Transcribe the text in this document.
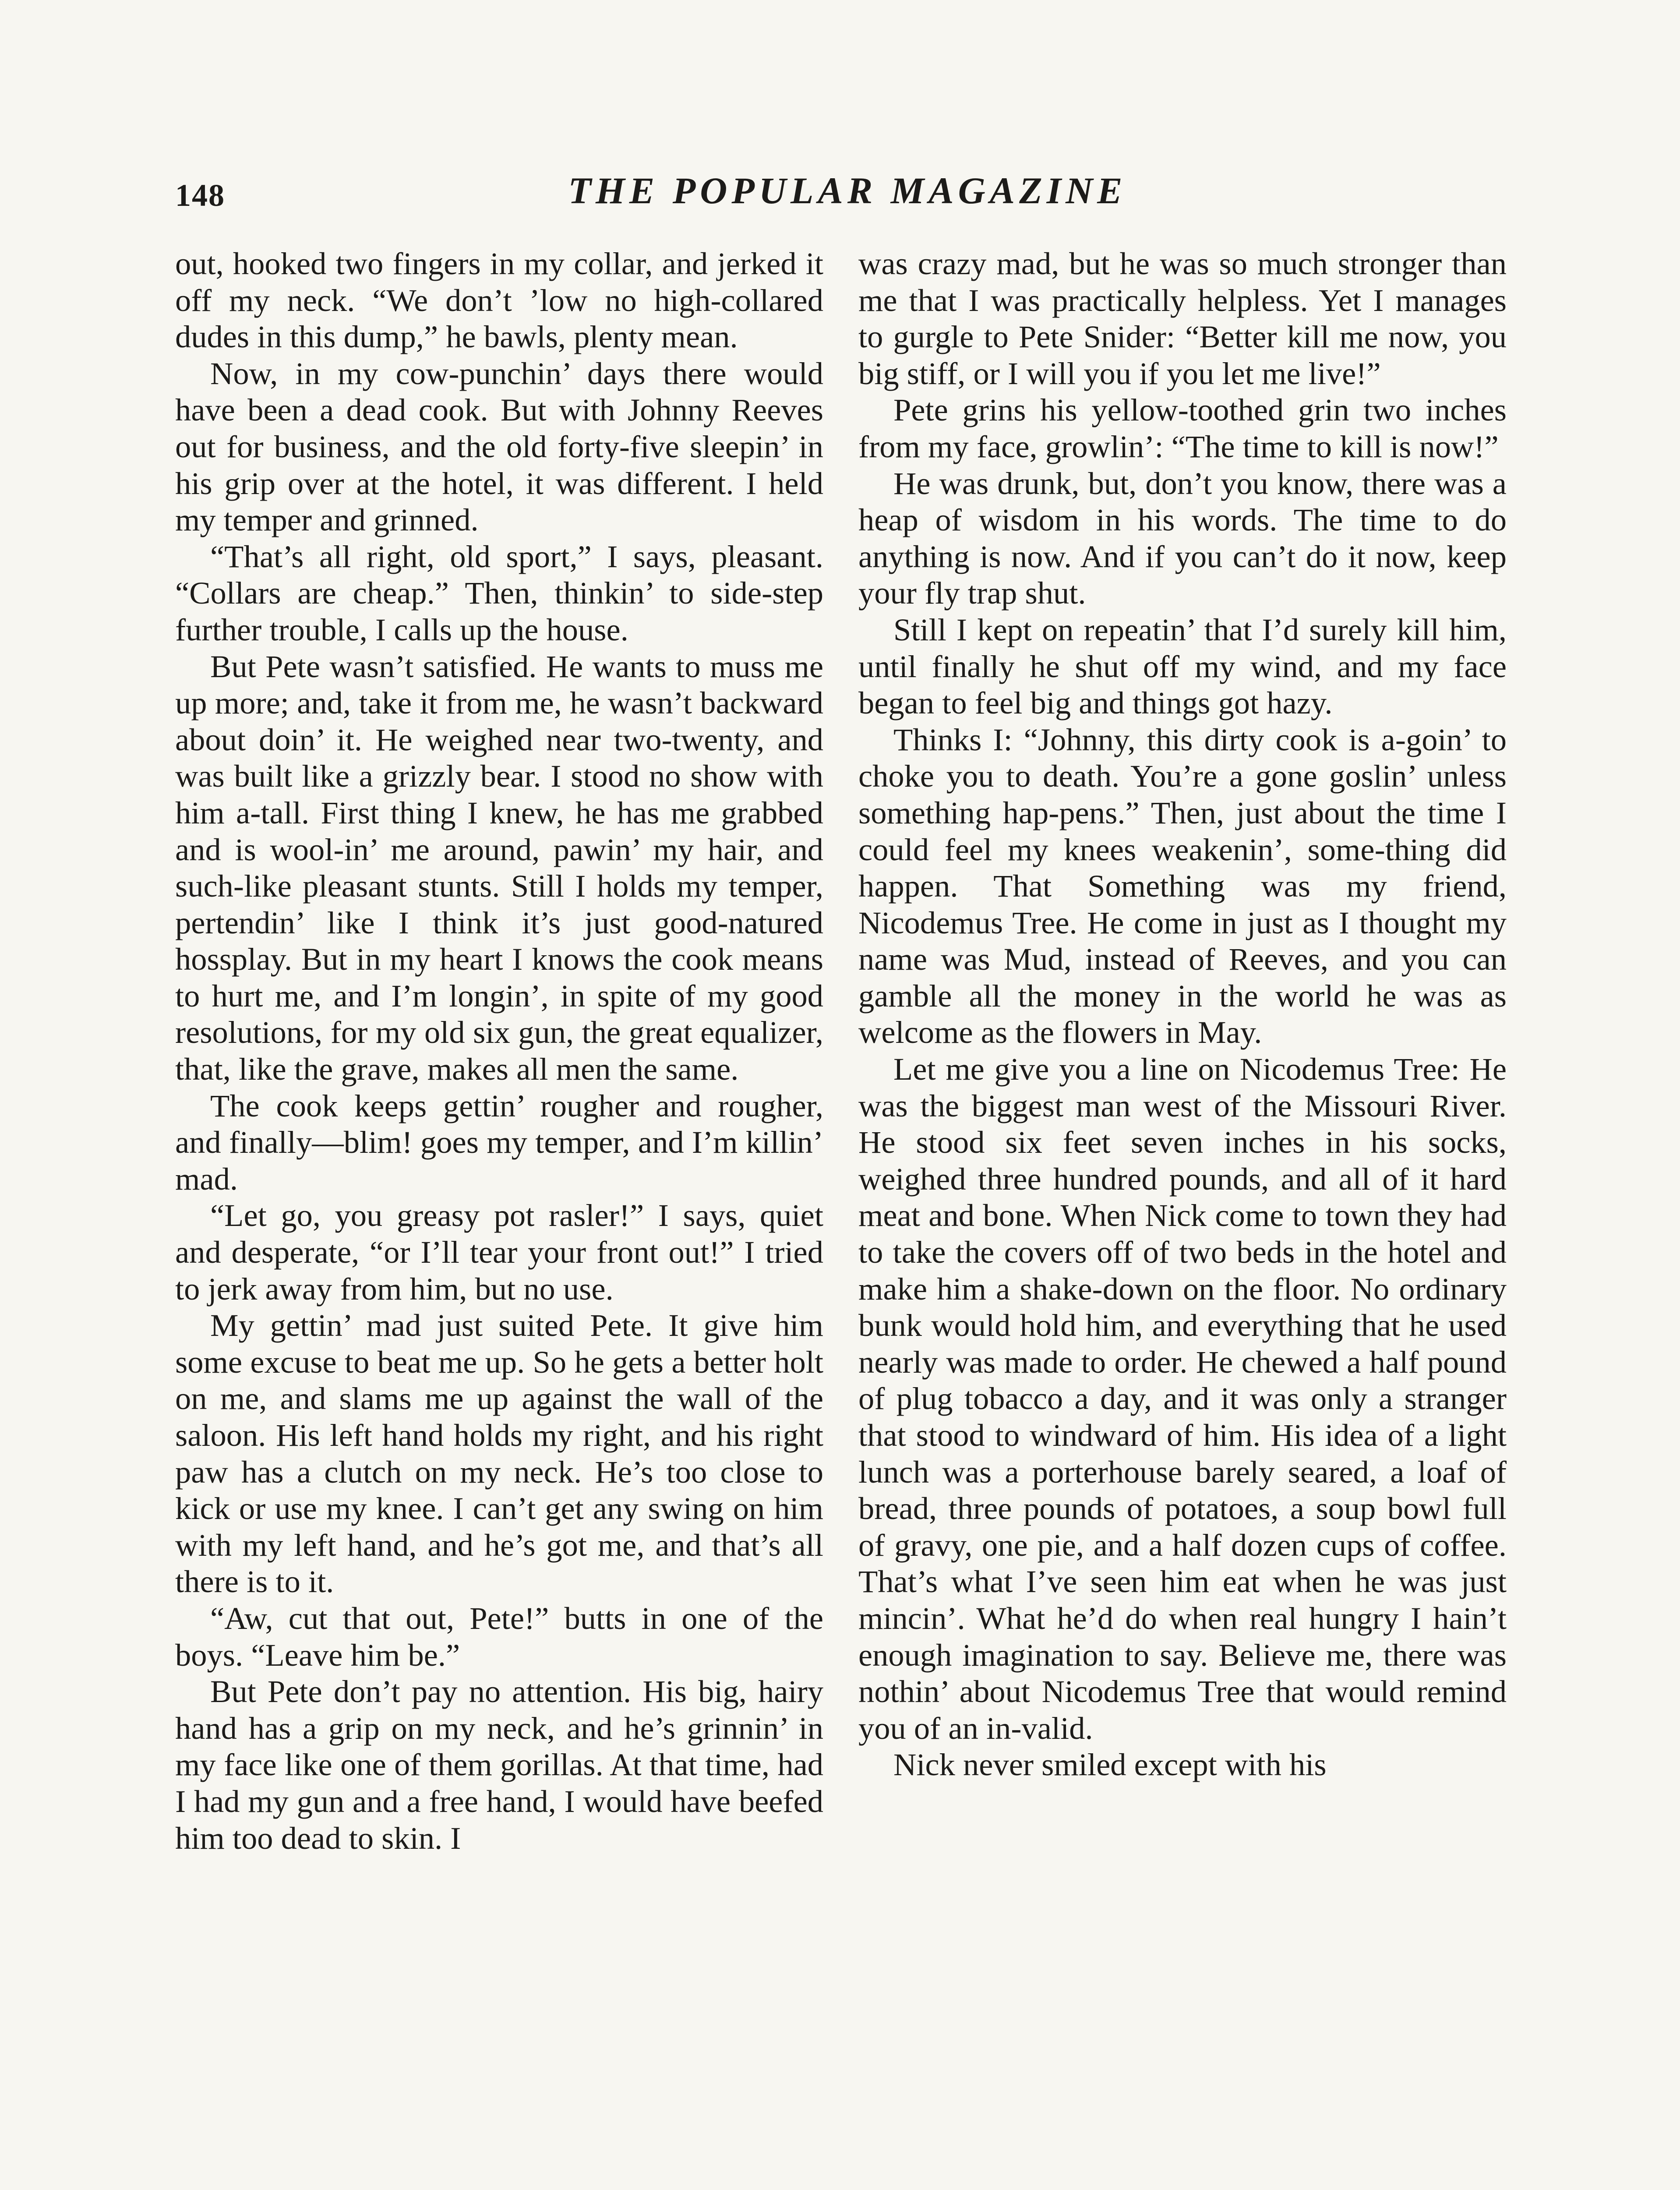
148	THE POPULAR MAGAZINE

out, hooked two fingers in my collar, and jerked it off my neck. “We don’t ’low no high-collared dudes in this dump,” he bawls, plenty mean.

Now, in my cow-punchin’ days there would have been a dead cook. But with Johnny Reeves out for business, and the old forty-five sleepin’ in his grip over at the hotel, it was different. I held my temper and grinned.

“That’s all right, old sport,” I says, pleasant. “Collars are cheap.” Then, thinkin’ to side-step further trouble, I calls up the house.

But Pete wasn’t satisfied. He wants to muss me up more; and, take it from me, he wasn’t backward about doin’ it. He weighed near two-twenty, and was built like a grizzly bear. I stood no show with him a-tall. First thing I knew, he has me grabbed and is wool-in’ me around, pawin’ my hair, and such-like pleasant stunts. Still I holds my temper, pertendin’ like I think it’s just good-natured hossplay. But in my heart I knows the cook means to hurt me, and I’m longin’, in spite of my good resolutions, for my old six gun, the great equalizer, that, like the grave, makes all men the same.

The cook keeps gettin’ rougher and rougher, and finally—blim! goes my temper, and I’m killin’ mad.

“Let go, you greasy pot rasler!” I says, quiet and desperate, “or I’ll tear your front out!” I tried to jerk away from him, but no use.

My gettin’ mad just suited Pete. It give him some excuse to beat me up. So he gets a better holt on me, and slams me up against the wall of the saloon. His left hand holds my right, and his right paw has a clutch on my neck. He’s too close to kick or use my knee. I can’t get any swing on him with my left hand, and he’s got me, and that’s all there is to it.

“Aw, cut that out, Pete!” butts in one of the boys. “Leave him be.”

But Pete don’t pay no attention. His big, hairy hand has a grip on my neck, and he’s grinnin’ in my face like one of them gorillas. At that time, had I had my gun and a free hand, I would have beefed him too dead to skin. I

was crazy mad, but he was so much stronger than me that I was practically helpless. Yet I manages to gurgle to Pete Snider: “Better kill me now, you big stiff, or I will you if you let me live!”

Pete grins his yellow-toothed grin two inches from my face, growlin’: “The time to kill is now!”

He was drunk, but, don’t you know, there was a heap of wisdom in his words. The time to do anything is now. And if you can’t do it now, keep your fly trap shut.

Still I kept on repeatin’ that I’d surely kill him, until finally he shut off my wind, and my face began to feel big and things got hazy.

Thinks I: “Johnny, this dirty cook is a-goin’ to choke you to death. You’re a gone goslin’ unless something hap-pens.” Then, just about the time I could feel my knees weakenin’, some-thing did happen. That Something was my friend, Nicodemus Tree. He come in just as I thought my name was Mud, instead of Reeves, and you can gamble all the money in the world he was as welcome as the flowers in May.

Let me give you a line on Nicodemus Tree: He was the biggest man west of the Missouri River. He stood six feet seven inches in his socks, weighed three hundred pounds, and all of it hard meat and bone. When Nick come to town they had to take the covers off of two beds in the hotel and make him a shake-down on the floor. No ordinary bunk would hold him, and everything that he used nearly was made to order. He chewed a half pound of plug tobacco a day, and it was only a stranger that stood to windward of him. His idea of a light lunch was a porterhouse barely seared, a loaf of bread, three pounds of potatoes, a soup bowl full of gravy, one pie, and a half dozen cups of coffee. That’s what I’ve seen him eat when he was just mincin’. What he’d do when real hungry I hain’t enough imagination to say. Believe me, there was nothin’ about Nicodemus Tree that would remind you of an in-valid.

Nick never smiled except with his
